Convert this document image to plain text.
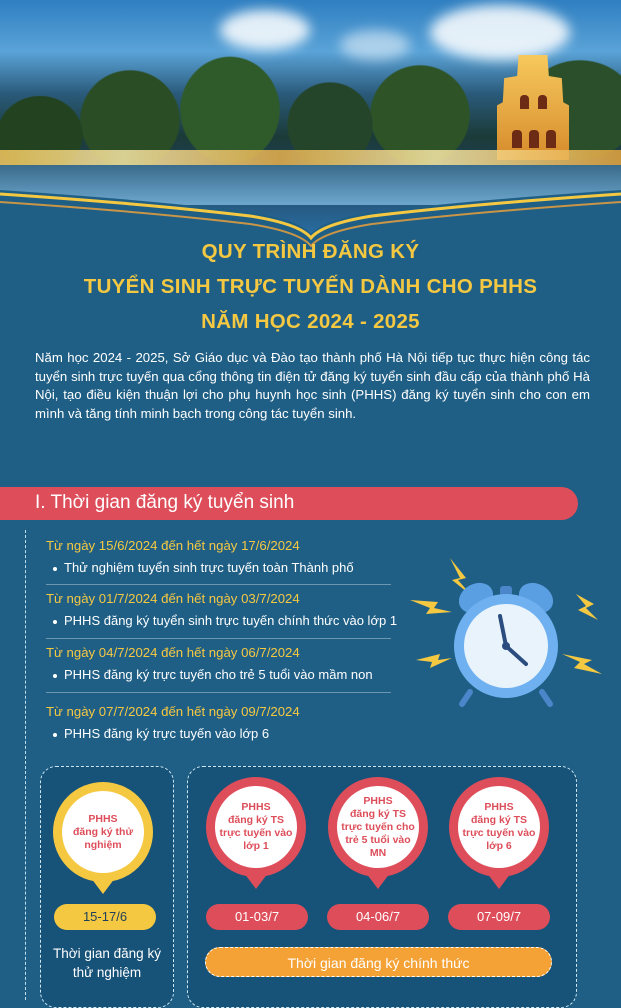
QUY TRÌNH ĐĂNG KÝ
TUYỂN SINH TRỰC TUYẾN DÀNH CHO PHHS
NĂM HỌC 2024 - 2025
Năm học 2024 - 2025, Sở Giáo dục và Đào tạo thành phố Hà Nội tiếp tục thực hiện công tác tuyển sinh trực tuyến qua cổng thông tin điện tử đăng ký tuyển sinh đầu cấp của thành phố Hà Nội, tạo điều kiện thuận lợi cho phụ huynh học sinh (PHHS) đăng ký tuyển sinh cho con em mình và tăng tính minh bạch trong công tác tuyển sinh.
I. Thời gian đăng ký tuyển sinh
Từ ngày 15/6/2024 đến hết ngày 17/6/2024
Thử nghiệm tuyển sinh trực tuyến toàn Thành phố
Từ ngày 01/7/2024 đến hết ngày 03/7/2024
PHHS đăng ký tuyển sinh trực tuyến chính thức vào lớp 1
Từ ngày 04/7/2024 đến hết ngày 06/7/2024
PHHS đăng ký trực tuyến cho trẻ 5 tuổi vào mầm non
Từ ngày 07/7/2024 đến hết ngày 09/7/2024
PHHS đăng ký trực tuyến vào lớp 6
PHHS
đăng ký thử
nghiệm
15-17/6
Thời gian đăng ký
thử nghiệm
PHHS
đăng ký TS
trực tuyến vào
lớp 1
01-03/7
PHHS
đăng ký TS
trực tuyến cho
trẻ 5 tuổi vào
MN
04-06/7
PHHS
đăng ký TS
trực tuyến vào
lớp 6
07-09/7
Thời gian đăng ký chính thức
